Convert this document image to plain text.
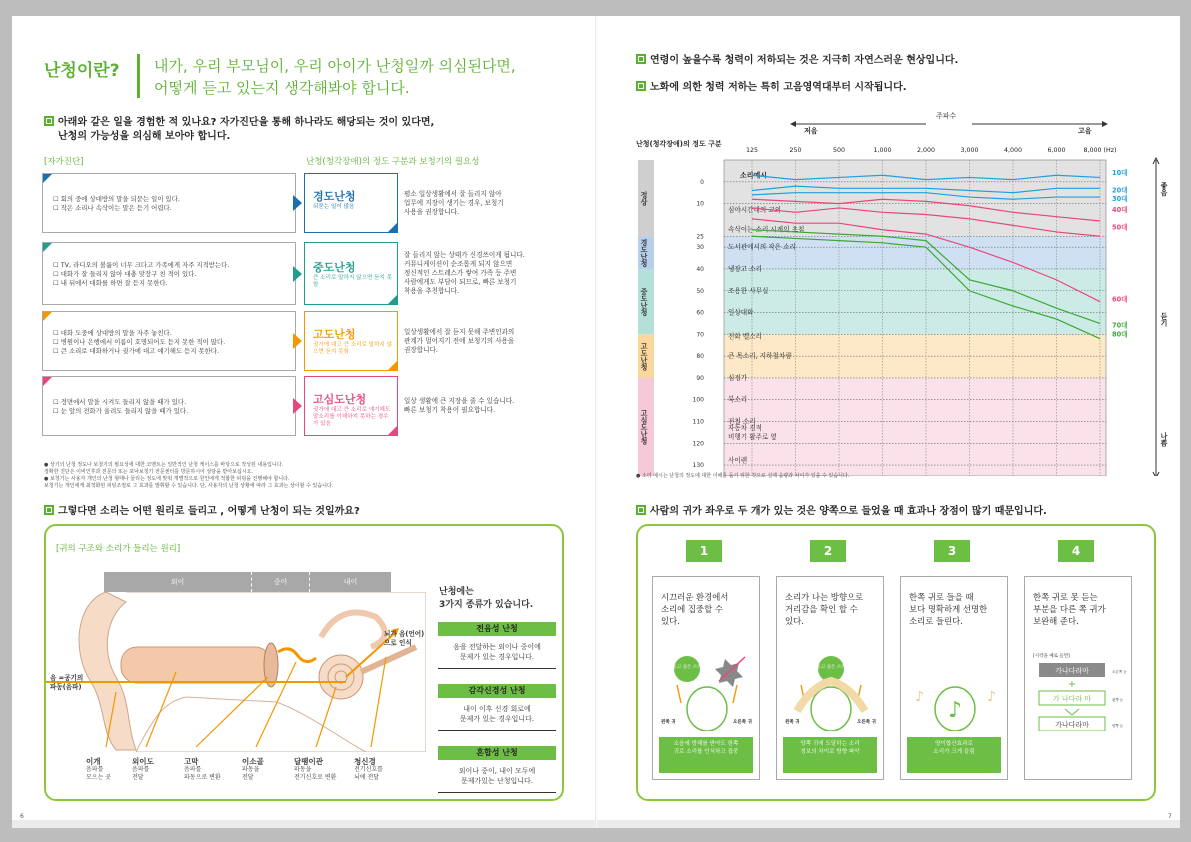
난청이란? 내가, 우리 부모님이, 우리 아이가 난청일까 의심된다면,
어떻게 듣고 있는지 생각해봐야 합니다.
아래와 같은 일을 경험한 적 있나요? 자가진단을 통해 하나라도 해당되는 것이 있다면,
난청의 가능성을 의심해 보아야 합니다.
[자가진단]	난청(청각장애)의 정도 구분과 보청기의 필요성
☐ 회의 중에 상대방의 말을 되묻는 일이 있다.
☐ 작은 소리나 속삭이는 말은 듣기 어렵다.
경도난청
되묻는 일이 많음
평소 일상생활에서 잘 들리지 않아
업무에 지장이 생기는 경우, 보청기
사용을 권장합니다.
☐ TV, 라디오의 볼륨이 너무 크다고 가족에게 자주 지적받는다.
☐ 대화가 잘 들리지 않아 대충 맞장구 친 적이 있다.
☐ 내 뒤에서 대화를 하면 잘 듣지 못한다.
중도난청
큰 소리로 말하지 않으면 듣지 못함
잘 들리지 않는 상태가 신경쓰이게 됩니다.
커뮤니케이션이 순조롭게 되지 않으면
정신적인 스트레스가 쌓여 가족 등 주변
사람에게도 부담이 되므로, 빠른 보청기
착용을 추천합니다.
☐ 대화 도중에 상대방의 말을 자주 놓친다.
☐ 병원이나 은행에서 이름이 호명되어도 듣지 못한 적이 많다.
☐ 큰 소리로 대화하거나 귓가에 대고 얘기해도 듣지 못한다.
고도난청
귓가에 대고 큰 소리로 말하지 않으면 듣지 못함
일상생활에서 잘 듣지 못해 주변인과의
관계가 멀어지기 전에 보청기의 사용을
권장합니다.
☐ 정면에서 말을 시켜도 들리지 않을 때가 있다.
☐ 눈 앞의 전화가 울려도 들리지 않을 때가 있다.
고심도난청
귓가에 대고 큰 소리로 얘기해도 말소리를 이해하지 못하는 경우가 있음
일상 생활에 큰 지장을 줄 수 있습니다.
빠른 보청기 착용이 필요합니다.
● 상기의 난청 정도나 보청기의 필요성에 대한 코멘트는 일반적인 난청 케이스를 바탕으로 작성된 내용입니다.
정확한 진단은 이비인후과 전문의 또는 포낙보청기 전문센터를 방문하시어 상담을 받아보십시오.
● 보청기는 사용자 개인의 난청 형태나 들리는 정도에 맞춰 개별적으로 원인에게 적합한 피팅을 진행해야 합니다.
보청기는 개인에게 최적화된 피팅조절로 그 효과를 발휘할 수 있습니다. 단, 사용자의 난청 상황에 따라 그 효과는 상이할 수 있습니다.
그렇다면 소리는 어떤 원리로 들리고 , 어떻게 난청이 되는 것일까요?
[귀의 구조와 소리가 들리는 원리]
외이	중이	내이
음 =공기의
파동(음파)
뇌가 음(언어)
으로 인식
이개
음파를
모으는 곳
외이도
음파를
전달
고막
음파를
파동으로 변환
이소골
파동을
전달
달팽이관
파동을
전기신호로 변환
청신경
전기신호를
뇌에 전달
난청에는
3가지 종류가 있습니다.
전음성 난청
음을 전달하는 외이나 중이에
문제가 있는 경우입니다.
감각신경성 난청
내이 이후 신경 회로에
문제가 있는 경우입니다.
혼합성 난청
외이나 중이, 내이 모두에
문제가있는 난청입니다.
6
연령이 높을수록 청력이 저하되는 것은 지극히 자연스러운 현상입니다.
노화에 의한 청력 저하는 특히 고음영역대부터 시작됩니다.
난청(청각장애)의 정도 구분
주파수
저음	고음
125	250	500	1,000	2,000	3,000	4,000	6,000	8,000 (Hz)
정상
경도난청
중도난청
고도난청
고심도난청
0
10
25
30
40
50
60
70
80
90
100
110
120
130
소리예시
심야시간대의 교외
속삭이는 소리 시계의 초침
도서관에서의 작은 소리
냉장고 소리
조용한 사무실
일상대화
전화 벨소리
큰 목소리, 지하철차량
심정가
북소리
전철 소리
자동차 경적
비행기 활주로 옆
사이렌
10대
20대
30대
40대
50대
60대
70대
80대
좋음
듣기
나쁨
● 소리 예시는 난청의 정도에 대한 이해를 돕기 위한 것으로 실제 음량과 차이가 있을 수 있습니다.
사람의 귀가 좌우로 두 개가 있는 것은 양쪽으로 들었을 때 효과나 장점이 많기 때문입니다.
1
시끄러운 환경에서
소리에 집중할 수
있다.
소음에 방해를 받아도 한쪽
귀로 소리를 인식하고 집중
듣고 싶은 소리
왼쪽 귀	오른쪽 귀
2
소리가 나는 방향으로
거리감을 확인 할 수
있다.
양쪽 귀에 도달하는 소리
정보의 차이로 방향 파악
듣고 싶은 소리
왼쪽 귀	오른쪽 귀
3
한쪽 귀로 들을 때
보다 명확하게 선명한
소리로 들린다.
양이합산효과로
소리가 크게 들림
♪
♪	♪
4
한쪽 귀로 못 듣는
부분을 다른 쪽 귀가
보완해 준다.
[시각을 예로 들면]
가나다라마
+
가 나다라 마
오른쪽 눈
왼쪽 눈
가나다라마	양쪽 눈
7
